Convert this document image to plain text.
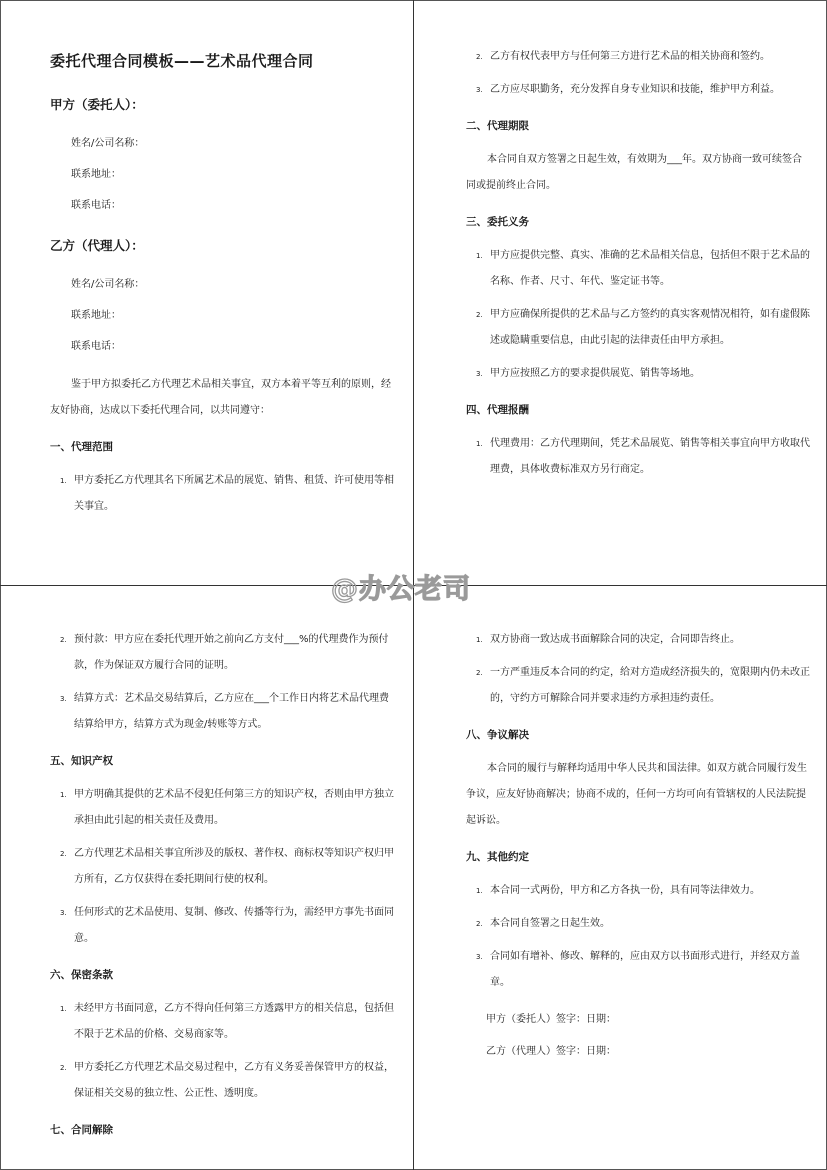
委托代理合同模板——艺术品代理合同
甲方（委托人）：
姓名/公司名称：
联系地址：
联系电话：
乙方（代理人）：
姓名/公司名称：
联系地址：
联系电话：
鉴于甲方拟委托乙方代理艺术品相关事宜，双方本着平等互利的原则，经友好协商，达成以下委托代理合同，以共同遵守：
一、代理范围
1. 甲方委托乙方代理其名下所属艺术品的展览、销售、租赁、许可使用等相关事宜。
2. 乙方有权代表甲方与任何第三方进行艺术品的相关协商和签约。
3. 乙方应尽职勤务，充分发挥自身专业知识和技能，维护甲方利益。
二、代理期限
本合同自双方签署之日起生效，有效期为___年。双方协商一致可续签合同或提前终止合同。
三、委托义务
1. 甲方应提供完整、真实、准确的艺术品相关信息，包括但不限于艺术品的名称、作者、尺寸、年代、鉴定证书等。
2. 甲方应确保所提供的艺术品与乙方签约的真实客观情况相符，如有虚假陈述或隐瞒重要信息，由此引起的法律责任由甲方承担。
3. 甲方应按照乙方的要求提供展览、销售等场地。
四、代理报酬
1. 代理费用：乙方代理期间，凭艺术品展览、销售等相关事宜向甲方收取代理费，具体收费标准双方另行商定。
2. 预付款：甲方应在委托代理开始之前向乙方支付___%的代理费作为预付款，作为保证双方履行合同的证明。
3. 结算方式：艺术品交易结算后，乙方应在___个工作日内将艺术品代理费结算给甲方，结算方式为现金/转账等方式。
五、知识产权
1. 甲方明确其提供的艺术品不侵犯任何第三方的知识产权，否则由甲方独立承担由此引起的相关责任及费用。
2. 乙方代理艺术品相关事宜所涉及的版权、著作权、商标权等知识产权归甲方所有，乙方仅获得在委托期间行使的权利。
3. 任何形式的艺术品使用、复制、修改、传播等行为，需经甲方事先书面同意。
六、保密条款
1. 未经甲方书面同意，乙方不得向任何第三方透露甲方的相关信息，包括但不限于艺术品的价格、交易商家等。
2. 甲方委托乙方代理艺术品交易过程中，乙方有义务妥善保管甲方的权益，保证相关交易的独立性、公正性、透明度。
七、合同解除
1. 双方协商一致达成书面解除合同的决定，合同即告终止。
2. 一方严重违反本合同的约定，给对方造成经济损失的，宽限期内仍未改正的，守约方可解除合同并要求违约方承担违约责任。
八、争议解决
本合同的履行与解释均适用中华人民共和国法律。如双方就合同履行发生争议，应友好协商解决；协商不成的，任何一方均可向有管辖权的人民法院提起诉讼。
九、其他约定
1. 本合同一式两份，甲方和乙方各执一份，具有同等法律效力。
2. 本合同自签署之日起生效。
3. 合同如有增补、修改、解释的，应由双方以书面形式进行，并经双方盖章。
甲方（委托人）签字：日期：
乙方（代理人）签字：日期：
@办公老司
